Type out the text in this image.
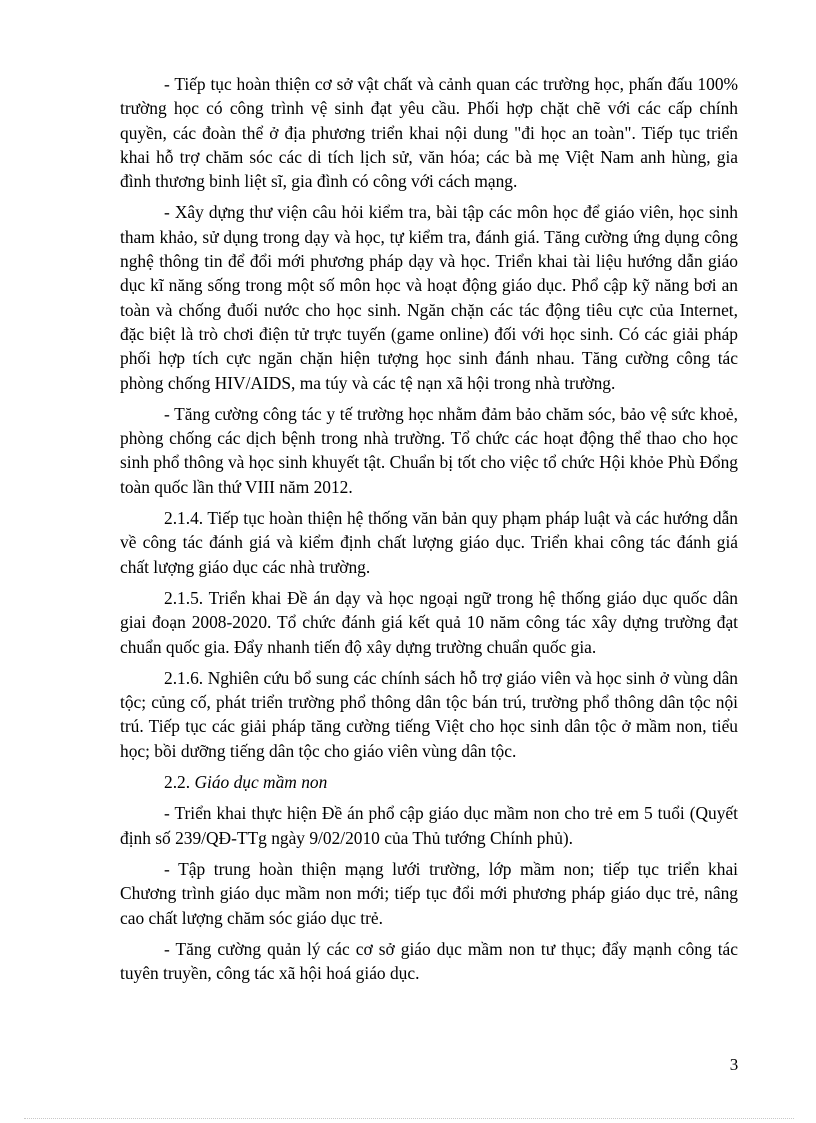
- Tiếp tục hoàn thiện cơ sở vật chất và cảnh quan các trường học, phấn đấu 100% trường học có công trình vệ sinh đạt yêu cầu. Phối hợp chặt chẽ với các cấp chính quyền, các đoàn thể ở địa phương triển khai nội dung "đi học an toàn". Tiếp tục triển khai hỗ trợ chăm sóc các di tích lịch sử, văn hóa; các bà mẹ Việt Nam anh hùng, gia đình thương binh liệt sĩ, gia đình có công với cách mạng.

- Xây dựng thư viện câu hỏi kiểm tra, bài tập các môn học để giáo viên, học sinh tham khảo, sử dụng trong dạy và học, tự kiểm tra, đánh giá. Tăng cường ứng dụng công nghệ thông tin để đổi mới phương pháp dạy và học. Triển khai tài liệu hướng dẫn giáo dục kĩ năng sống trong một số môn học và hoạt động giáo dục. Phổ cập kỹ năng bơi an toàn và chống đuối nước cho học sinh. Ngăn chặn các tác động tiêu cực của Internet, đặc biệt là trò chơi điện tử trực tuyến (game online) đối với học sinh. Có các giải pháp phối hợp tích cực ngăn chặn hiện tượng học sinh đánh nhau. Tăng cường công tác phòng chống HIV/AIDS, ma túy và các tệ nạn xã hội trong nhà trường.

- Tăng cường công tác y tế trường học nhằm đảm bảo chăm sóc, bảo vệ sức khoẻ, phòng chống các dịch bệnh trong nhà trường. Tổ chức các hoạt động thể thao cho học sinh phổ thông và học sinh khuyết tật. Chuẩn bị tốt cho việc tổ chức Hội khỏe Phù Đổng toàn quốc lần thứ VIII năm 2012.

2.1.4. Tiếp tục hoàn thiện hệ thống văn bản quy phạm pháp luật và các hướng dẫn về công tác đánh giá và kiểm định chất lượng giáo dục. Triển khai công tác đánh giá chất lượng giáo dục các nhà trường.

2.1.5. Triển khai Đề án dạy và học ngoại ngữ trong hệ thống giáo dục quốc dân giai đoạn 2008-2020. Tổ chức đánh giá kết quả 10 năm công tác xây dựng trường đạt chuẩn quốc gia. Đẩy nhanh tiến độ xây dựng trường chuẩn quốc gia.

2.1.6. Nghiên cứu bổ sung các chính sách hỗ trợ giáo viên và học sinh ở vùng dân tộc; củng cố, phát triển trường phổ thông dân tộc bán trú, trường phổ thông dân tộc nội trú. Tiếp tục các giải pháp tăng cường tiếng Việt cho học sinh dân tộc ở mầm non, tiểu học; bồi dưỡng tiếng dân tộc cho giáo viên vùng dân tộc.

2.2. Giáo dục mầm non

- Triển khai thực hiện Đề án phổ cập giáo dục mầm non cho trẻ em 5 tuổi (Quyết định số 239/QĐ-TTg ngày 9/02/2010 của Thủ tướng Chính phủ).

- Tập trung hoàn thiện mạng lưới trường, lớp mầm non; tiếp tục triển khai Chương trình giáo dục mầm non mới; tiếp tục đổi mới phương pháp giáo dục trẻ, nâng cao chất lượng chăm sóc giáo dục trẻ.

- Tăng cường quản lý các cơ sở giáo dục mầm non tư thục; đẩy mạnh công tác tuyên truyền, công tác xã hội hoá giáo dục.

3
